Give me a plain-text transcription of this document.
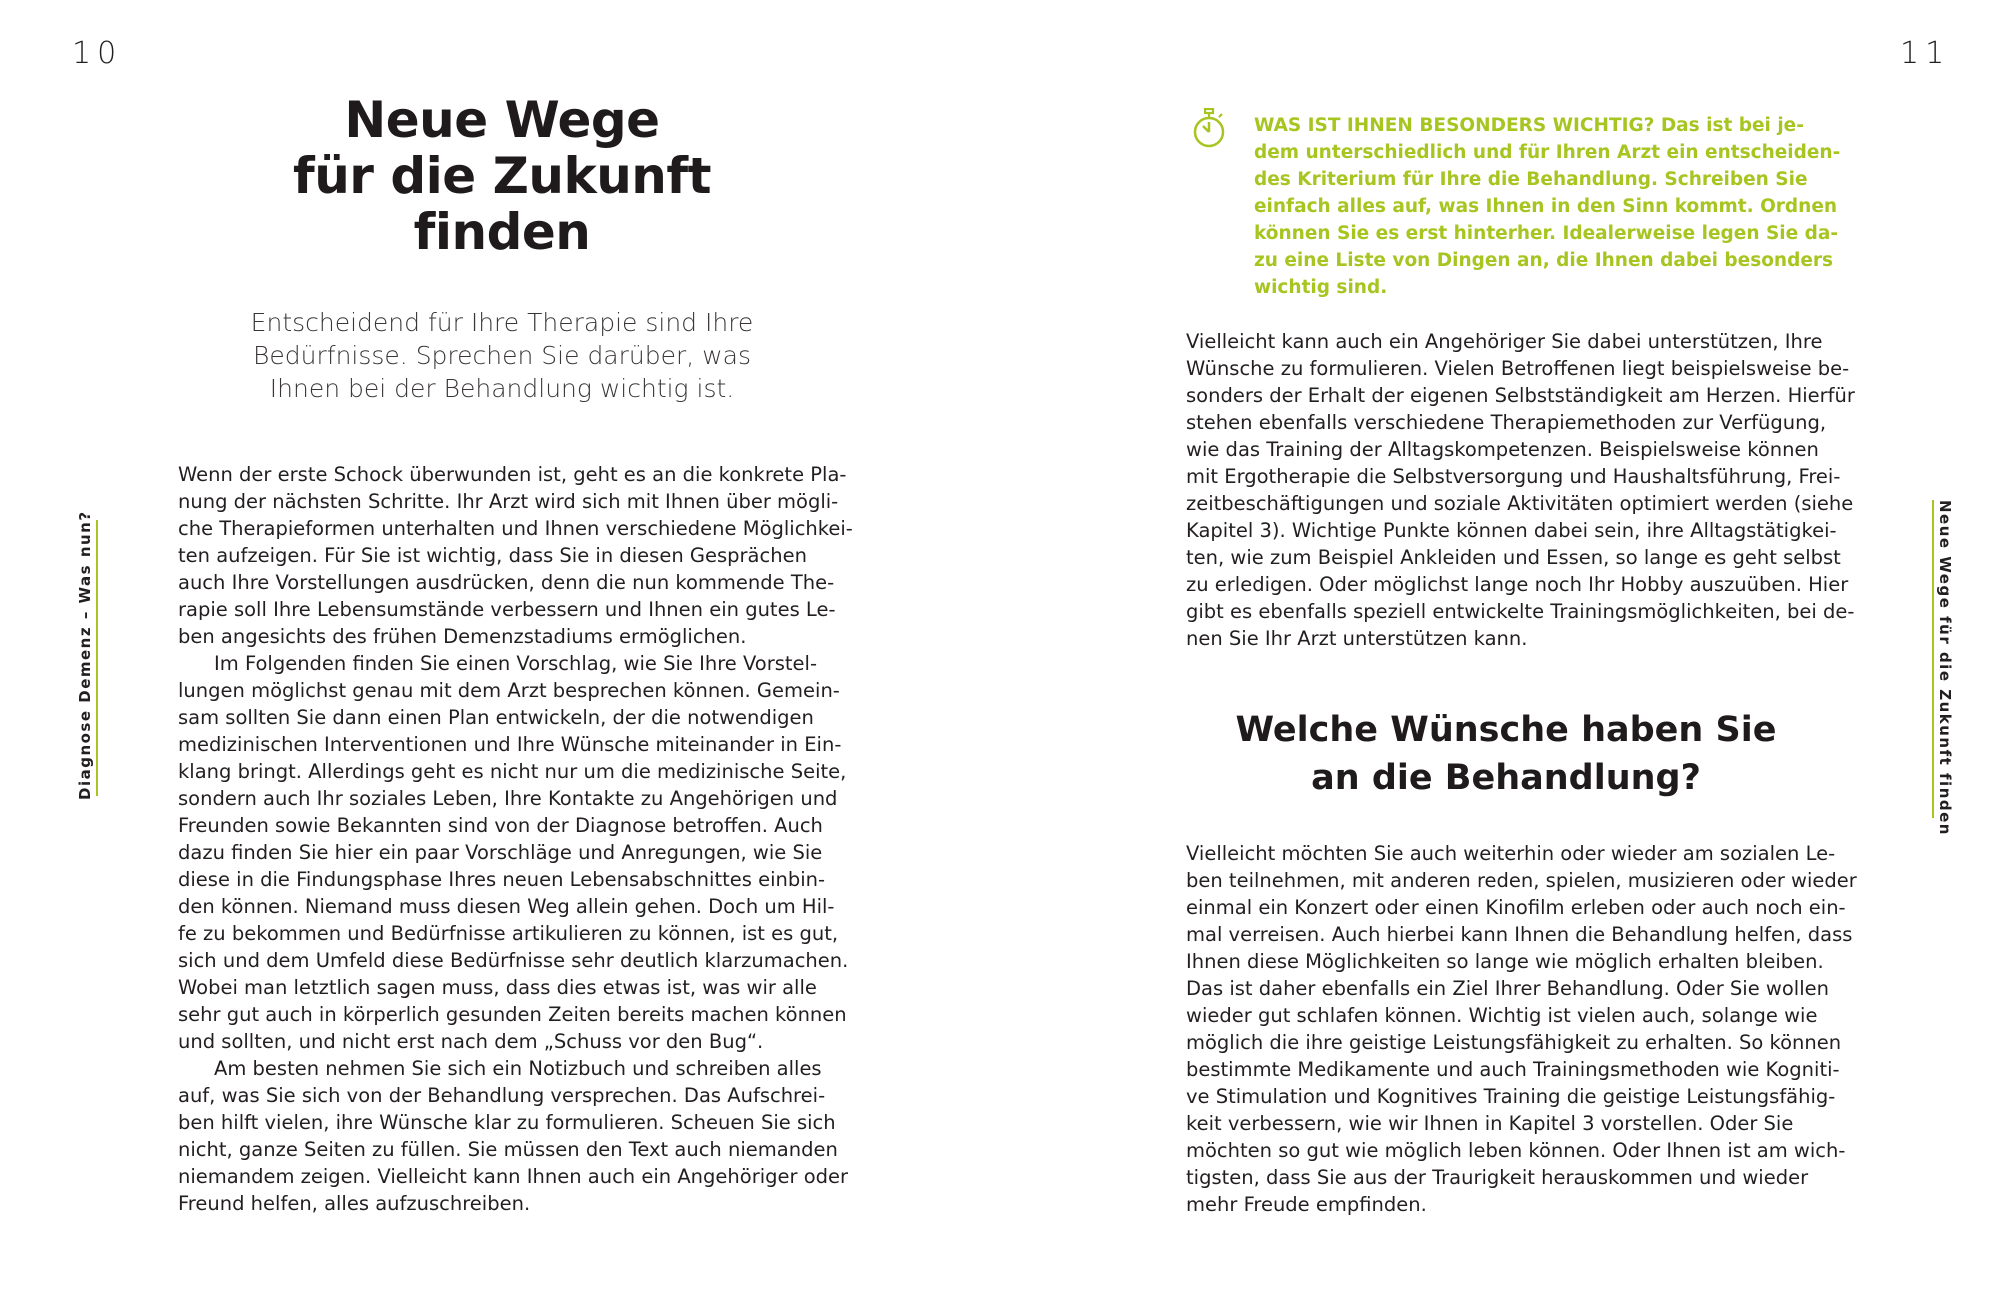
10
Diagnose Demenz – Was nun?
Neue Wege
für die Zukunft
finden
Entscheidend für Ihre Therapie sind Ihre
Bedürfnisse. Sprechen Sie darüber, was
Ihnen bei der Behandlung wichtig ist.
Wenn der erste Schock überwunden ist, geht es an die konkrete Pla-
nung der nächsten Schritte. Ihr Arzt wird sich mit Ihnen über mögli-
che Therapieformen unterhalten und Ihnen verschiedene Möglichkei-
ten aufzeigen. Für Sie ist wichtig, dass Sie in diesen Gesprächen
auch Ihre Vorstellungen ausdrücken, denn die nun kommende The-
rapie soll Ihre Lebensumstände verbessern und Ihnen ein gutes Le-
ben angesichts des frühen Demenzstadiums ermöglichen.
Im Folgenden finden Sie einen Vorschlag, wie Sie Ihre Vorstel-
lungen möglichst genau mit dem Arzt besprechen können. Gemein-
sam sollten Sie dann einen Plan entwickeln, der die notwendigen
medizinischen Interventionen und Ihre Wünsche miteinander in Ein-
klang bringt. Allerdings geht es nicht nur um die medizinische Seite,
sondern auch Ihr soziales Leben, Ihre Kontakte zu Angehörigen und
Freunden sowie Bekannten sind von der Diagnose betroffen. Auch
dazu finden Sie hier ein paar Vorschläge und Anregungen, wie Sie
diese in die Findungsphase Ihres neuen Lebensabschnittes einbin-
den können. Niemand muss diesen Weg allein gehen. Doch um Hil-
fe zu bekommen und Bedürfnisse artikulieren zu können, ist es gut,
sich und dem Umfeld diese Bedürfnisse sehr deutlich klarzumachen.
Wobei man letztlich sagen muss, dass dies etwas ist, was wir alle
sehr gut auch in körperlich gesunden Zeiten bereits machen können
und sollten, und nicht erst nach dem „Schuss vor den Bug“.
Am besten nehmen Sie sich ein Notizbuch und schreiben alles
auf, was Sie sich von der Behandlung versprechen. Das Aufschrei-
ben hilft vielen, ihre Wünsche klar zu formulieren. Scheuen Sie sich
nicht, ganze Seiten zu füllen. Sie müssen den Text auch niemanden
niemandem zeigen. Vielleicht kann Ihnen auch ein Angehöriger oder
Freund helfen, alles aufzuschreiben.
11
WAS IST IHNEN BESONDERS WICHTIG? Das ist bei je-
dem unterschiedlich und für Ihren Arzt ein entscheiden-
des Kriterium für Ihre die Behandlung. Schreiben Sie
einfach alles auf, was Ihnen in den Sinn kommt. Ordnen
können Sie es erst hinterher. Idealerweise legen Sie da-
zu eine Liste von Dingen an, die Ihnen dabei besonders
wichtig sind.
Vielleicht kann auch ein Angehöriger Sie dabei unterstützen, Ihre
Wünsche zu formulieren. Vielen Betroffenen liegt beispielsweise be-
sonders der Erhalt der eigenen Selbstständigkeit am Herzen. Hierfür
stehen ebenfalls verschiedene Therapiemethoden zur Verfügung,
wie das Training der Alltagskompetenzen. Beispielsweise können
mit Ergotherapie die Selbstversorgung und Haushaltsführung, Frei-
zeitbeschäftigungen und soziale Aktivitäten optimiert werden (siehe
Kapitel 3). Wichtige Punkte können dabei sein, ihre Alltagstätigkei-
ten, wie zum Beispiel Ankleiden und Essen, so lange es geht selbst
zu erledigen. Oder möglichst lange noch Ihr Hobby auszuüben. Hier
gibt es ebenfalls speziell entwickelte Trainingsmöglichkeiten, bei de-
nen Sie Ihr Arzt unterstützen kann.
Welche Wünsche haben Sie
an die Behandlung?
Vielleicht möchten Sie auch weiterhin oder wieder am sozialen Le-
ben teilnehmen, mit anderen reden, spielen, musizieren oder wieder
einmal ein Konzert oder einen Kinofilm erleben oder auch noch ein-
mal verreisen. Auch hierbei kann Ihnen die Behandlung helfen, dass
Ihnen diese Möglichkeiten so lange wie möglich erhalten bleiben.
Das ist daher ebenfalls ein Ziel Ihrer Behandlung. Oder Sie wollen
wieder gut schlafen können. Wichtig ist vielen auch, solange wie
möglich die ihre geistige Leistungsfähigkeit zu erhalten. So können
bestimmte Medikamente und auch Trainingsmethoden wie Kogniti-
ve Stimulation und Kognitives Training die geistige Leistungsfähig-
keit verbessern, wie wir Ihnen in Kapitel 3 vorstellen. Oder Sie
möchten so gut wie möglich leben können. Oder Ihnen ist am wich-
tigsten, dass Sie aus der Traurigkeit herauskommen und wieder
mehr Freude empfinden.
Neue Wege für die Zukunft finden
